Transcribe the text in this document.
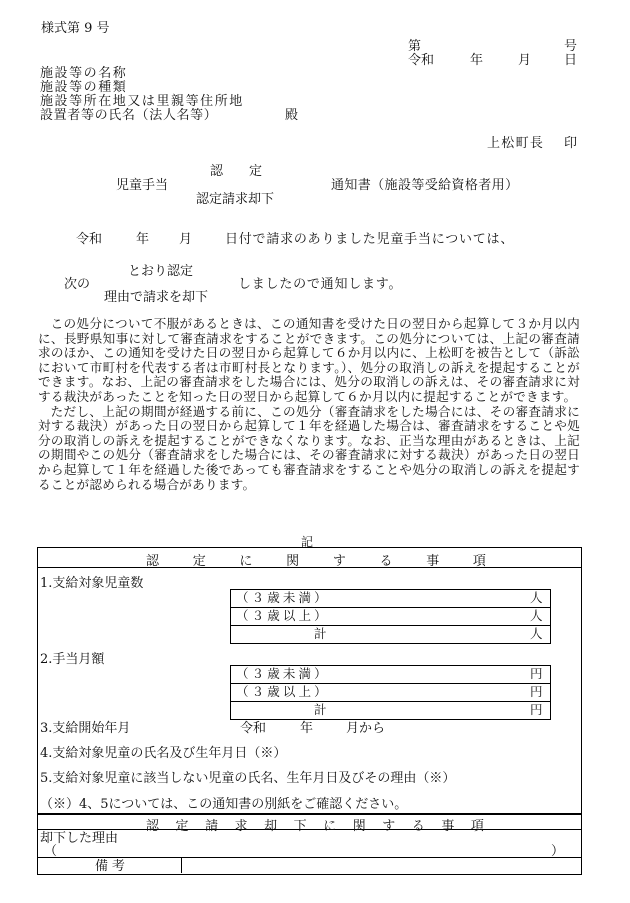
様式第 9 号
第	号
令和	年	月	日
施設等の名称
施設等の種類
施設等所在地又は里親等住所地
設置者等の氏名（法人名等）	殿
上松町長 印
認　　定
児童手当	通知書（施設等受給資格者用）
認定請求却下
令和	年 月	日付で請求のありました児童手当については、
とおり認定
次の	しましたので通知します。
理由で請求を却下

この処分について不服があるときは、この通知書を受けた日の翌日から起算して３か月以内に、長野県知事に対して審査請求をすることができます。この処分については、上記の審査請求のほか、この通知を受けた日の翌日から起算して６か月以内に、上松町を被告として（訴訟において市町村を代表する者は市町村長となります。）、処分の取消しの訴えを提起することができます。なお、上記の審査請求をした場合には、処分の取消しの訴えは、その審査請求に対する裁決があったことを知った日の翌日から起算して６か月以内に提起することができます。

ただし、上記の期間が経過する前に、この処分（審査請求をした場合には、その審査請求に対する裁決）があった日の翌日から起算して１年を経過した場合は、審査請求をすることや処分の取消しの訴えを提起することができなくなります。なお、正当な理由があるときは、上記の期間やこの処分（審査請求をした場合には、その審査請求に対する裁決）があった日の翌日から起算して１年を経過した後であっても審査請求をすることや処分の取消しの訴えを提起することが認められる場合があります。

記
認	定	に	関	す	る	事	項
1.支給対象児童数
（３歳未満）	人
（３歳以上）	人
計	人
2.手当月額
（３歳未満）	円
（３歳以上）	円
計	円
3.支給開始年月	令和	年	月から
4.支給対象児童の氏名及び生年月日（※）
5.支給対象児童に該当しない児童の氏名、生年月日及びその理由（※）
（※）4、5については、この通知書の別紙をご確認ください。
認 定 請 求 却 下 に 関 す る 事 項
却下した理由
（	）
備考
